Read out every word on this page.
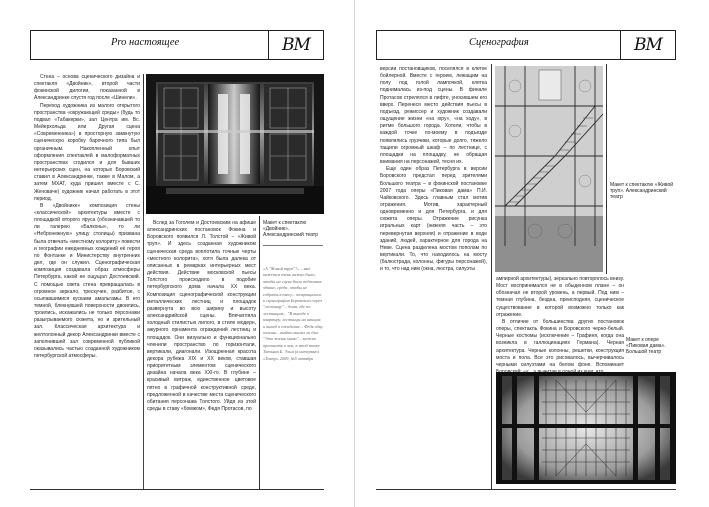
Pro настоящее	BM

Стена – основа сценического дизайна и спектакля «Двойник», второй части фокинской дилогии, показанной в Александринке спустя год после «Шинели».

Переход художника из малого открытого пространства «окружающей среды» (будь то подвал «Табакерки», зал Центра им. Вс. Мейерхольда или Другая сцена «Современника») в просторную замкнутую сценическую коробку барочного типа был органичным. Накопленный опыт оформления спектаклей в малоформатных пространствах сгодился и для бывших интерьерских сцен, на которых Боровский ставил в Александринке, также в Малом, а затем МХАТ, куда пришел вместе с С. Женоваче) художник начал работать в этот период.

В «Двойнике» композиция стены «классической» архитектуры вместе с площадкой второго яруса (обозначавшей то ли галерею «Балконы», то ли «Небронежную» улицу столицы) призвана была отвечать «местному колориту» повести и географии ежедневных хождений её героя по Фонтанке и Министерству внутренних дел, где он служил. Сценографическая композиция создавала образ атмосферы Петербурга, какой ее ощущал Достоевский. С помощью света стена превращалась в огромное зеркало, трескучее, разбитое, с осыпавшимися кусками амальгамы. В его темной, блекнувшей поверхности двоились, троились, искажались не только персонажи разыгрываемого сюжета, но и зрительный зал. Классическая архитектура и желтолонный декор Александринки вместе с заполнившей зал современной публикой оказывались частью созданной художником петербургской атмосферы.

Вслед за Гоголем и Достоевским на афише александринских постановок Фокина и Боровского появился Л. Толстой – «Живой труп». И здесь созданная художником сценическая среда воплотила точные черты «местного колорита», хотя была далека от описанных в ремарках интерьерных мест действия. Действие московской пьесы Толстого происходило в подобие петербургского дома начала XX века. Композиция сценографической конструкции металлических лестниц и площадок развернута во всю ширину и высоту александрийской сцены. Впечатляла холодный стилистью лилого, в стиле модерн, ажурного орнамента ограждений лестниц и площадок. Они визуально и функционально членили пространство по горизонтали, вертикали, диагонали. Изощренная красота декора рубежа XIX и XX веков, ставшая приоритетным элементом сценического дизайна начала века XXI-го. В глубине – красивый витраж, единственное цветовое пятно в графичной конструктивной среде, предложенной в качестве места сценического обитания персонажа Толстого. Уйдя из этой среды в ставу «бомжом», Федя Протасов, по

Макет к спектаклю «Двойник». Александринский театр
«А "Живой труп"?» – мне кажется очень важно было, чтобы на сцене было подлинное здание, среда, чтобы не собрать в пьесу... возвращались к сценографии Боровского через "лестницу"... дома, где по лестницам... "В выходе в квартиру, лестницы на шпицах и выход в ожидание... Федя одну хочешь... выйти вышел ли был "Это жизнь мимо"... можно прописать в чем, в этой точке Татьяна Б. Эльм (в интервью) «Театр» 2009, №5 октябрь
Сценография	BM

версии постановщиков, поселялся в клетке бойлерной. Вместе с героем, лежащим на полу под голой лампочкой, клетка поднималась из-под сцены. В финале Протасов стрелялся в лифте, уносившем его вверх. Перенеся место действия пьесы в подъезд, режиссер и художник создавали ощущение жизни «на юру», «на ходу», в ритме большого города. Хотели, чтобы в каждой точке по-моему в подъезде появлялись грузчики, которые долго, тяжело тащили огромный шкаф – по лестнице, с площадки на площадку, не обращая внимания на персонажей, тесня их.

Еще один образ Петербурга в версии Боровского предстал перед зрителями Большого театра – в фокинской постановке 2007 года оперы «Пиковая дама» П.И. Чайковского. Здесь главным стал мотив отражения. Мотив, характерный одновременно и для Петербурга, и для сюжета оперы. Отражение рисунка игральных карт (нижняя часть – это перевернутая верхняя) и отражение в воде зданий, людей, характерное для города на Неве. Сцена разделена мостом пополам по вертикали. То, что находилось на мосту (балюстрада, колонны, фигуры персонажей), и то, что над ним (окна, люстра, силуэты

Макет к спектаклю «Живой труп». Александринский театр

ампирной архитектуры), зеркально повторялось внизу. Мост воспринимался не в обыденном плане – он обозначал не второй уровень, а первый. Под ним – темная глубина, бездна, преисподняя, сценическое существование в которой возможно только как отражение.

В отличие от большинства других постановок оперы, спектакль Фокина и Боровского черно-белый. Черные костюмы (исключение – Графиня, когда она возникла в галлюцинациях Германа). Черная архитектура. Черные колонны, решетки, конструкция моста и пола. Все это рисовалось, вычерчивалось черными силуэтами на белом фоне. Вспоминает

Макет к опере «Пиковая дама». Большой театр
